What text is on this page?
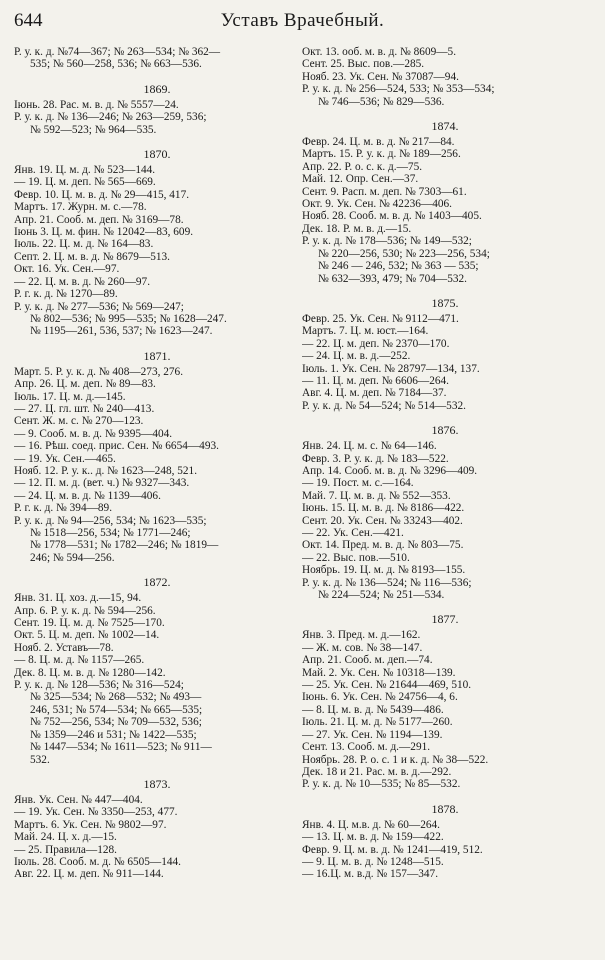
644	Уставъ Врачебный.
Р. у. к. д. №74—367; № 263—534; № 362—
535; № 560—258, 536; № 663—536.
1869.
Іюнь. 28. Рас. м. в. д. № 5557—24.
Р. у. к. д. № 136—246; № 263—259, 536;
№ 592—523; № 964—535.
1870.
Янв. 19. Ц. м. д. № 523—144.
— 19. Ц. м. деп. № 565—669.
Февр. 10. Ц. м. в. д. № 29—415, 417.
Мартъ. 17. Журн. м. с.—78.
Апр. 21. Сооб. м. деп. № 3169—78.
Іюнь 3. Ц. м. фин. № 12042—83, 609.
Іюль. 22. Ц. м. д. № 164—83.
Септ. 2. Ц. м. в. д. № 8679—513.
Окт. 16. Ук. Сен.—97.
— 22. Ц. м. в. д. № 260—97.
Р. г. к. д. № 1270—89.
Р. у. к. д. № 277—536; № 569—247;
№ 802—536; № 995—535; № 1628—247.
№ 1195—261, 536, 537; № 1623—247.
1871.
Март. 5. Р. у. к. д. № 408—273, 276.
Апр. 26. Ц. м. деп. № 89—83.
Іюль. 17. Ц. м. д.—145.
— 27. Ц. гл. шт. № 240—413.
Сент. Ж. м. с. № 270—123.
— 9. Сооб. м. в. д. № 9395—404.
— 16. Рѣш. соед. прис. Сен. № 6654—493.
— 19. Ук. Сен.—465.
Нояб. 12. Р. у. к.. д. № 1623—248, 521.
— 12. П. м. д. (вет. ч.) № 9327—343.
— 24. Ц. м. в. д. № 1139—406.
Р. г. к. д. № 394—89.
Р. у. к. д. № 94—256, 534; № 1623—535;
№ 1518—256, 534; № 1771—246;
№ 1778—531; № 1782—246; № 1819—
246; № 594—256.
1872.
Янв. 31. Ц. хоз. д.—15, 94.
Апр. 6. Р. у. к. д. № 594—256.
Сент. 19. Ц. м. д. № 7525—170.
Окт. 5. Ц. м. деп. № 1002—14.
Нояб. 2. Уставъ—78.
— 8. Ц. м. д. № 1157—265.
Дек. 8. Ц. м. в. д. № 1280—142.
Р. у. к. д. № 128—536; № 316—524;
№ 325—534; № 268—532; № 493—
246, 531; № 574—534; № 665—535;
№ 752—256, 534; № 709—532, 536;
№ 1359—246 и 531; № 1422—535;
№ 1447—534; № 1611—523; № 911—
532.
1873.
Янв. Ук. Сен. № 447—404.
— 19. Ук. Сен. № 3350—253, 477.
Мартъ. 6. Ук. Сен. № 9802—97.
Май. 24. Ц. х. д.—15.
— 25. Правила—128.
Іюль. 28. Сооб. м. д. № 6505—144.
Авг. 22. Ц. м. деп. № 911—144.
Окт. 13. ооб. м. в. д. № 8609—5.
Сент. 25. Выс. пов.—285.
Нояб. 23. Ук. Сен. № 37087—94.
Р. у. к. д. № 256—524, 533; № 353—534;
№ 746—536; № 829—536.
1874.
Февр. 24. Ц. м. в. д. № 217—84.
Мартъ. 15. Р. у. к. д. № 189—256.
Апр. 22. Р. о. с. к. д.—75.
Май. 12. Опр. Сен.—37.
Сент. 9. Расп. м. деп. № 7303—61.
Окт. 9. Ук. Сен. № 42236—406.
Нояб. 28. Сооб. м. в. д. № 1403—405.
Дек. 18. Р. м. в. д.—15.
Р. у. к. д. № 178—536; № 149—532;
№ 220—256, 530; № 223—256, 534;
№ 246 — 246, 532; № 363 — 535;
№ 632—393, 479; № 704—532.
1875.
Февр. 25. Ук. Сен. № 9112—471.
Мартъ. 7. Ц. м. юст.—164.
— 22. Ц. м. деп. № 2370—170.
— 24. Ц. м. в. д.—252.
Іюль. 1. Ук. Сен. № 28797—134, 137.
— 11. Ц. м. деп. № 6606—264.
Авг. 4. Ц. м. деп. № 7184—37.
Р. у. к. д. № 54—524; № 514—532.
1876.
Янв. 24. Ц. м. с. № 64—146.
Февр. 3. Р. у. к. д. № 183—522.
Апр. 14. Сооб. м. в. д. № 3296—409.
— 19. Пост. м. с.—164.
Май. 7. Ц. м. в. д. № 552—353.
Іюнь. 15. Ц. м. в. д. № 8186—422.
Сент. 20. Ук. Сен. № 33243—402.
— 22. Ук. Сен.—421.
Окт. 14. Пред. м. в. д. № 803—75.
— 22. Выс. пов.—510.
Ноябрь. 19. Ц. м. д. № 8193—155.
Р. у. к. д. № 136—524; № 116—536;
№ 224—524; № 251—534.
1877.
Янв. 3. Пред. м. д.—162.
— Ж. м. сов. № 38—147.
Апр. 21. Сооб. м. деп.—74.
Май. 2. Ук. Сен. № 10318—139.
— 25. Ук. Сен. № 21644—469, 510.
Іюнь. 6. Ук. Сен. № 24756—4, 6.
— 8. Ц. м. в. д. № 5439—486.
Іюль. 21. Ц. м. д. № 5177—260.
— 27. Ук. Сен. № 1194—139.
Сент. 13. Сооб. м. д.—291.
Ноябрь. 28. Р. о. с. 1 и к. д. № 38—522.
Дек. 18 и 21. Рас. м. в. д.—292.
Р. у. к. д. № 10—535; № 85—532.
1878.
Янв. 4. Ц. м.в. д. № 60—264.
— 13. Ц. м. в. д. № 159—422.
Февр. 9. Ц. м. в. д. № 1241—419, 512.
— 9. Ц. м. в. д. № 1248—515.
— 16.Ц. м. в.д. № 157—347.
